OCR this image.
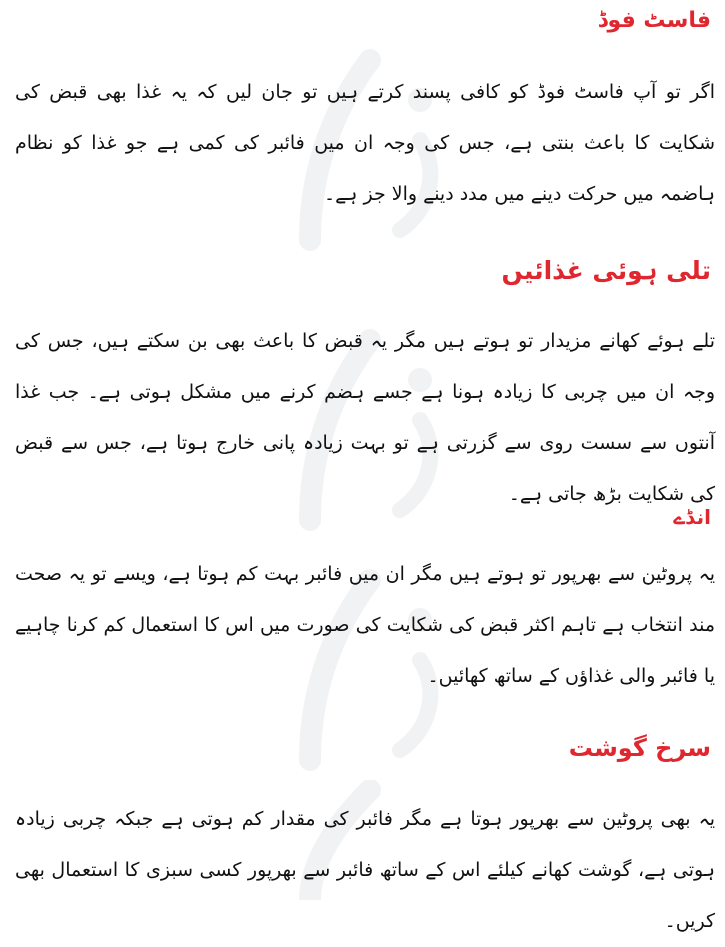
فاسٹ فوڈ

اگر تو آپ فاسٹ فوڈ کو کافی پسند کرتے ہیں تو جان لیں کہ یہ غذا بھی قبض کی شکایت کا باعث بنتی ہے، جس کی وجہ ان میں فائبر کی کمی ہے جو غذا کو نظام ہاضمہ میں حرکت دینے میں مدد دینے والا جز ہے۔

تلی ہوئی غذائیں

تلے ہوئے کھانے مزیدار تو ہوتے ہیں مگر یہ قبض کا باعث بھی بن سکتے ہیں، جس کی وجہ ان میں چربی کا زیادہ ہونا ہے جسے ہضم کرنے میں مشکل ہوتی ہے۔ جب غذا آنتوں سے سست روی سے گزرتی ہے تو بہت زیادہ پانی خارج ہوتا ہے، جس سے قبض کی شکایت بڑھ جاتی ہے۔

انڈے

یہ پروٹین سے بھرپور تو ہوتے ہیں مگر ان میں فائبر بہت کم ہوتا ہے، ویسے تو یہ صحت مند انتخاب ہے تاہم اکثر قبض کی شکایت کی صورت میں اس کا استعمال کم کرنا چاہیے یا فائبر والی غذاؤں کے ساتھ کھائیں۔

سرخ گوشت

یہ بھی پروٹین سے بھرپور ہوتا ہے مگر فائبر کی مقدار کم ہوتی ہے جبکہ چربی زیادہ ہوتی ہے، گوشت کھانے کیلئے اس کے ساتھ فائبر سے بھرپور کسی سبزی کا استعمال بھی کریں۔
